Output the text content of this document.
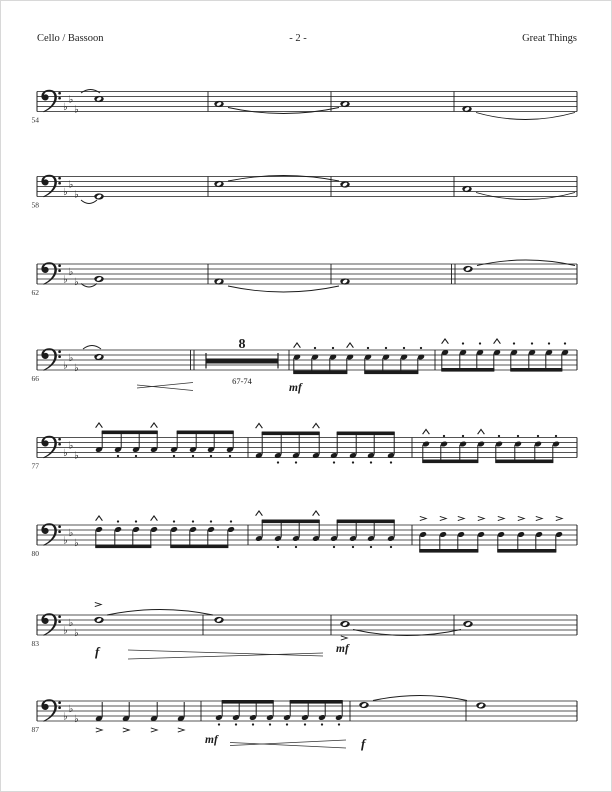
Cello / Bassoon	- 2 -	Great Things
♭
♭
♭
54
♭
♭
♭
58
♭
♭
♭
62
♭
♭
♭
66
mf
8
67-74
♭
♭
♭
77
♭
♭
♭
80
♭
♭
♭
83
f	mf
♭
♭
♭
87
mf	f
